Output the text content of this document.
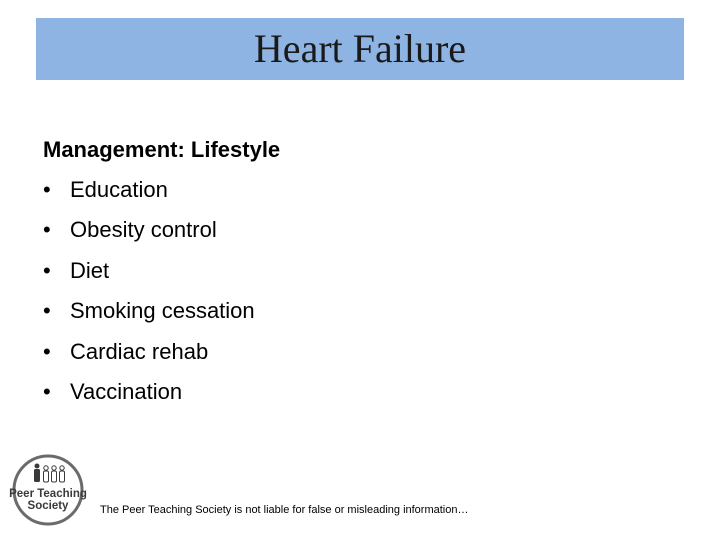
Heart Failure
Management: Lifestyle
• Education
• Obesity control
• Diet
• Smoking cessation
• Cardiac rehab
• Vaccination
Peer Teaching
Society	The Peer Teaching Society is not liable for false or misleading information…
